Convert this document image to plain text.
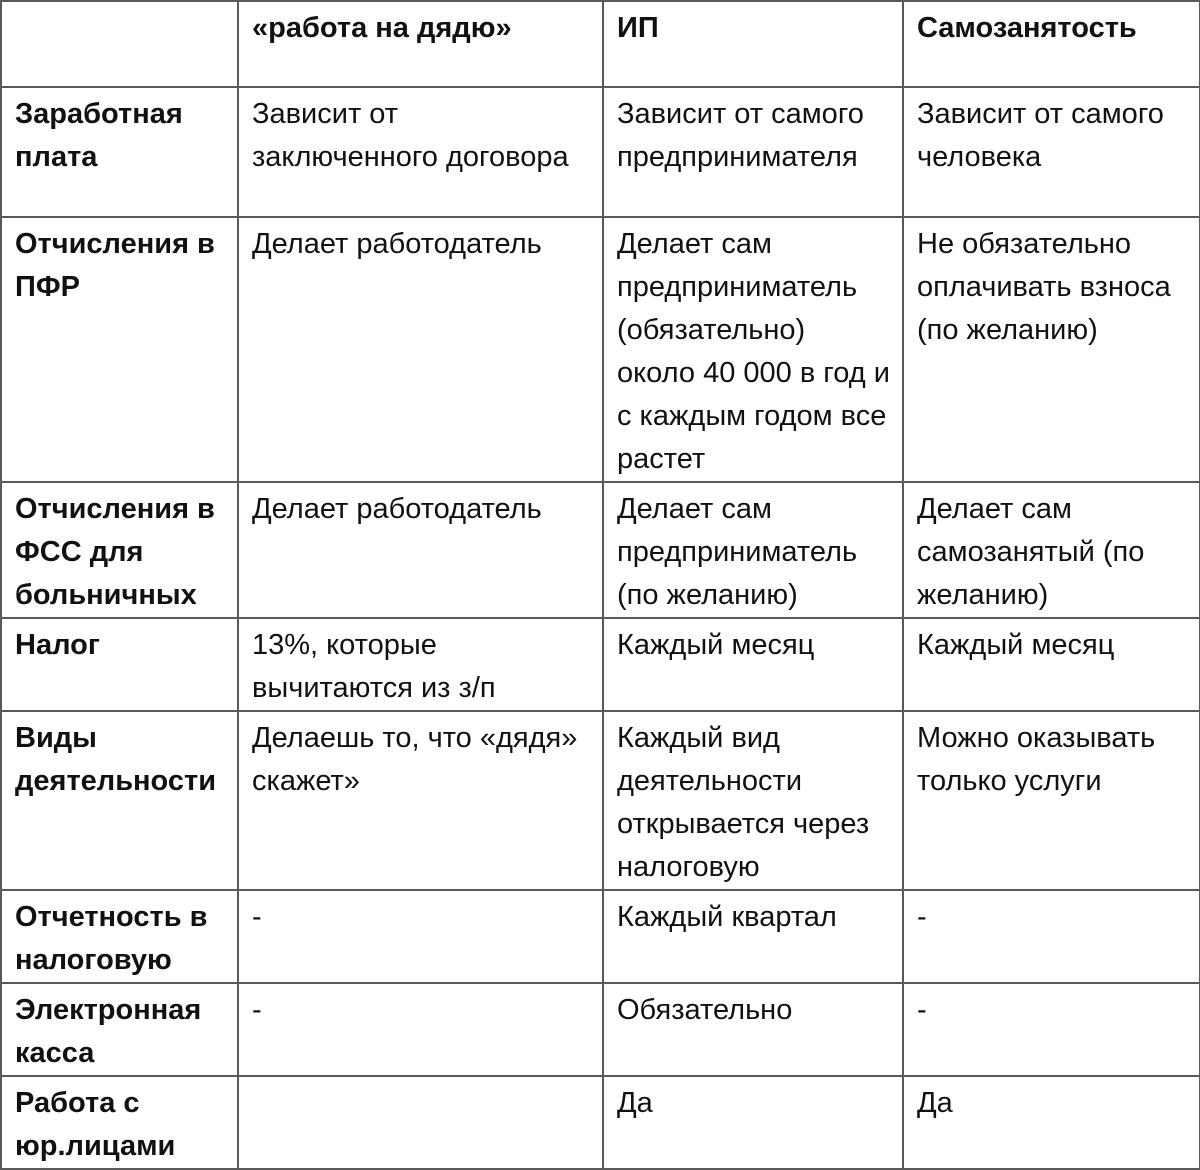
	«работа на дядю»	ИП	Самозанятость
Заработная плата	Зависит от заключенного договора	Зависит от самого предпринимателя	Зависит от самого человека
Отчисления в ПФР	Делает работодатель	Делает сам предприниматель (обязательно) около 40 000 в год и с каждым годом все растет	Не обязательно оплачивать взноса (по желанию)
Отчисления в ФСС для больничных	Делает работодатель	Делает сам предприниматель (по желанию)	Делает сам самозанятый (по желанию)
Налог	13%, которые вычитаются из з/п	Каждый месяц	Каждый месяц
Виды деятельности	Делаешь то, что «дядя» скажет»	Каждый вид деятельности открывается через налоговую	Можно оказывать только услуги
Отчетность в налоговую	-	Каждый квартал	-
Электронная касса	-	Обязательно	-
Работа с юр.лицами		Да	Да
